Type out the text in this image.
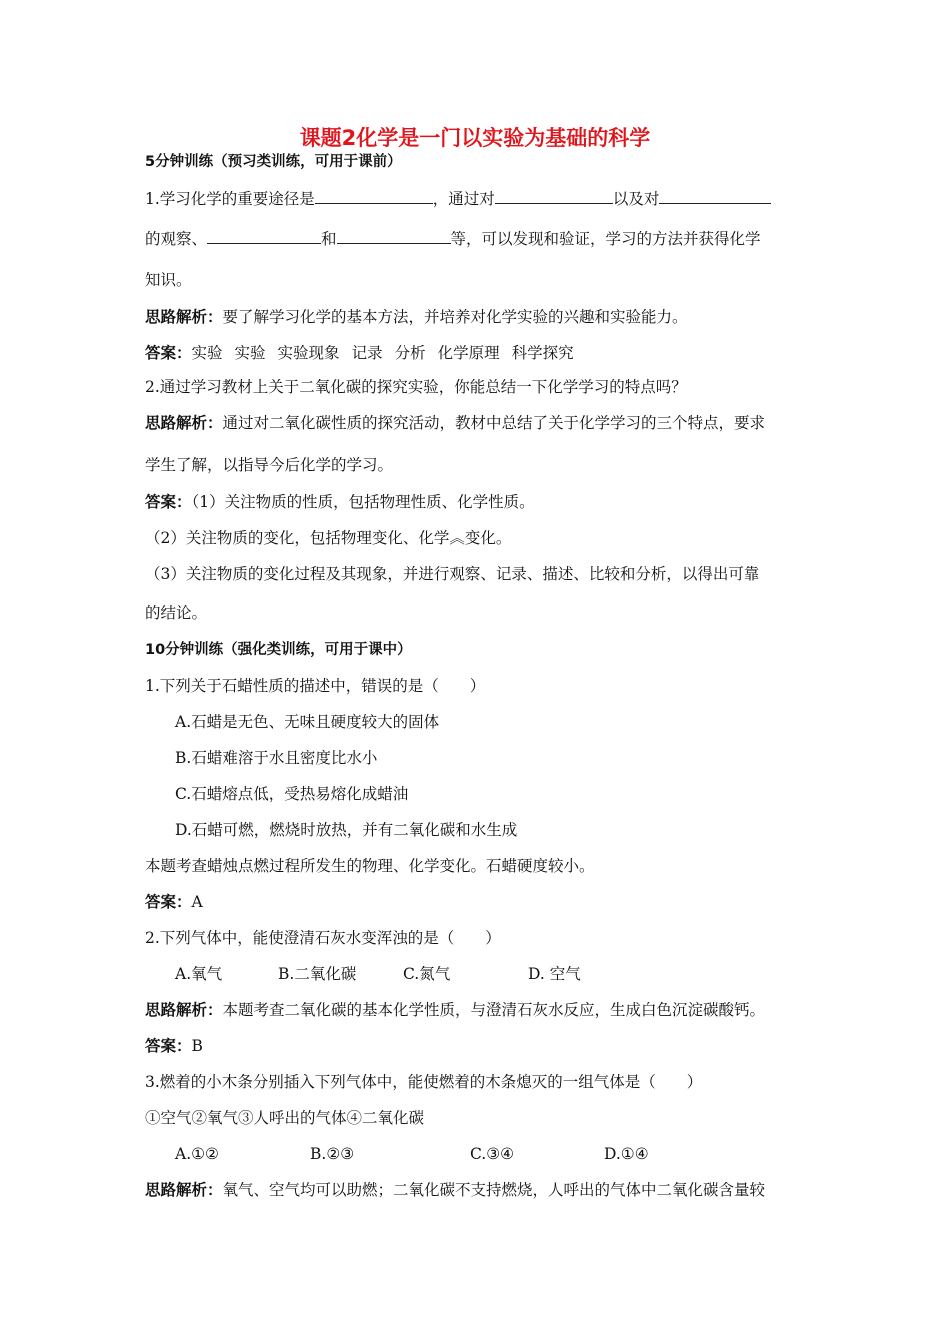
课题2化学是一门以实验为基础的科学
5分钟训练（预习类训练，可用于课前）
1.学习化学的重要途径是	，通过对	以及对
的观察、	和	等，可以发现和验证，学习的方法并获得化学
知识。
思路解析：要了解学习化学的基本方法，并培养对化学实验的兴趣和实验能力。
答案：实验 实验 实验现象 记录 分析 化学原理 科学探究
2.通过学习教材上关于二氧化碳的探究实验，你能总结一下化学学习的特点吗？
思路解析：通过对二氧化碳性质的探究活动，教材中总结了关于化学学习的三个特点，要求
学生了解，以指导今后化学的学习。
答案：（1）关注物质的性质，包括物理性质、化学性质。
（2）关注物质的变化，包括物理变化、化学︽变化。
（3）关注物质的变化过程及其现象，并进行观察、记录、描述、比较和分析，以得出可靠
的结论。
10分钟训练（强化类训练，可用于课中）
1.下列关于石蜡性质的描述中，错误的是（　　）
A.石蜡是无色、无味且硬度较大的固体
B.石蜡难溶于水且密度比水小
C.石蜡熔点低，受热易熔化成蜡油
D.石蜡可燃，燃烧时放热，并有二氧化碳和水生成
本题考查蜡烛点燃过程所发生的物理、化学变化。石蜡硬度较小。
答案：A
2.下列气体中，能使澄清石灰水变浑浊的是（　　）
A.氧气	B.二氧化碳	C.氮气	D. 空气
思路解析：本题考查二氧化碳的基本化学性质，与澄清石灰水反应，生成白色沉淀碳酸钙。
答案：B
3.燃着的小木条分别插入下列气体中，能使燃着的木条熄灭的一组气体是（　　）
①空气②氧气③人呼出的气体④二氧化碳
A.①②	B.②③	C.③④	D.①④
思路解析：氧气、空气均可以助燃；二氧化碳不支持燃烧，人呼出的气体中二氧化碳含量较
